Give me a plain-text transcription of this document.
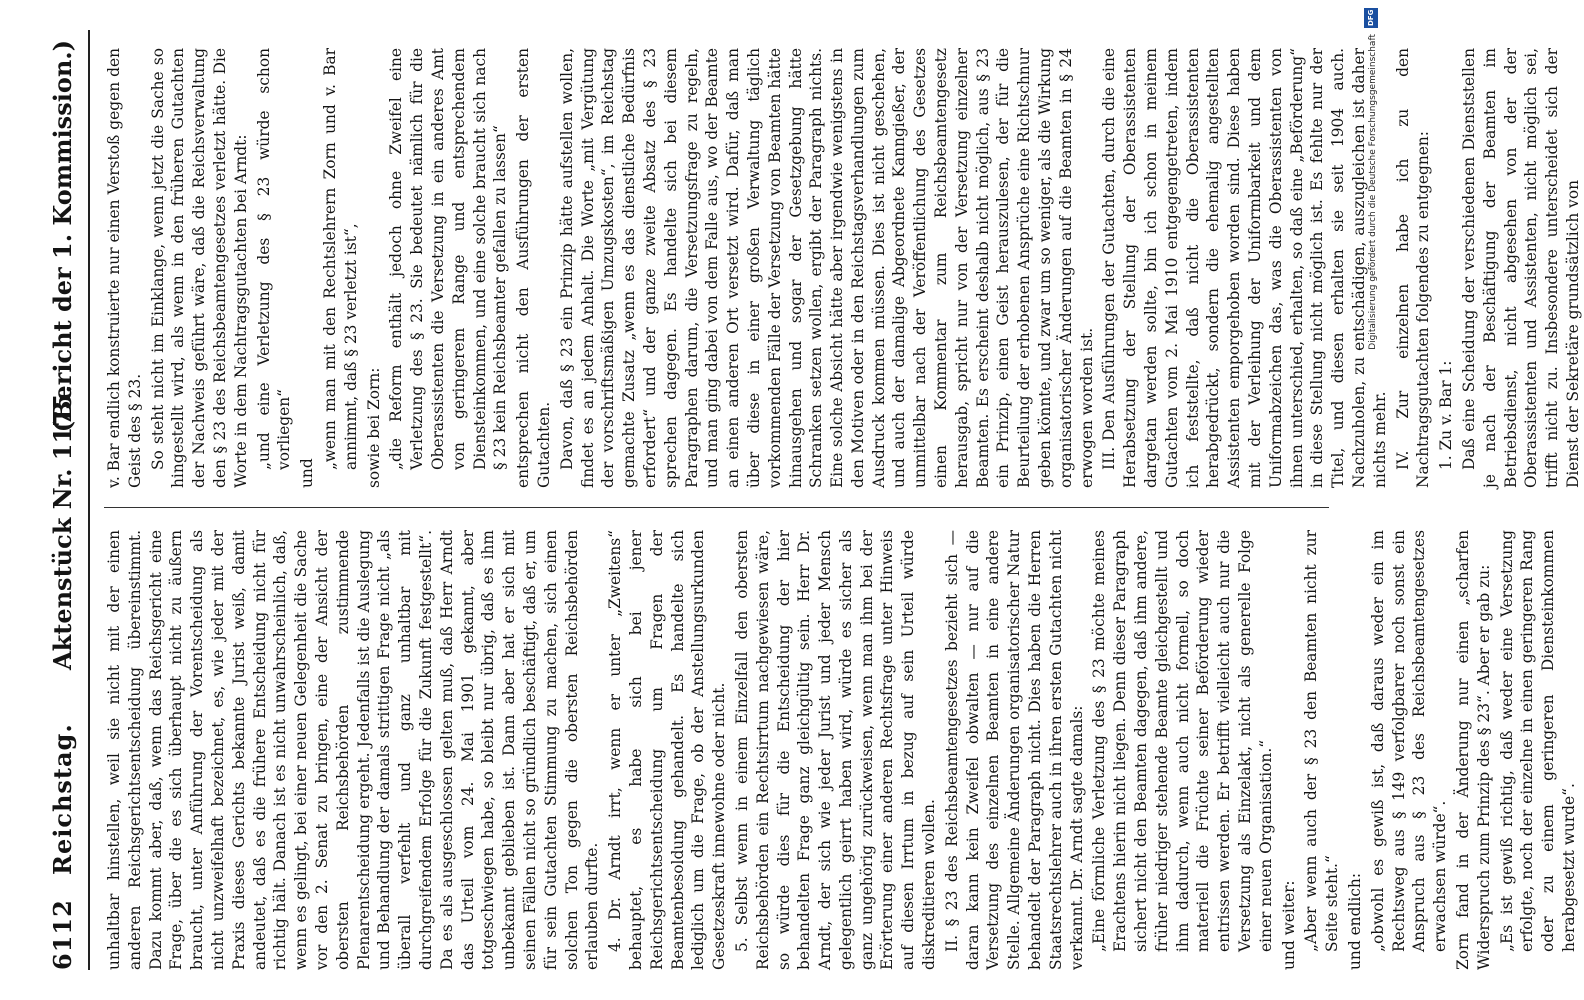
6112
Reichstag.
Aktenstück Nr. 1175.
(Bericht der 1. Kommission.)

unhaltbar hinstellen, weil sie nicht mit der einen anderen Reichsgerichtsentscheidung übereinstimmt. Dazu kommt aber, daß, wenn das Reichsgericht eine Frage, über die es sich überhaupt nicht zu äußern braucht, unter Anführung der Vorentscheidung als nicht unzweifelhaft bezeichnet, es, wie jeder mit der Praxis dieses Gerichts bekannte Jurist weiß, damit andeutet, daß es die frühere Entscheidung nicht für richtig hält. Danach ist es nicht unwahrscheinlich, daß, wenn es gelingt, bei einer neuen Gelegenheit die Sache vor den 2. Senat zu bringen, eine der Ansicht der obersten Reichsbehörden zustimmende Plenarentscheidung ergeht. Jedenfalls ist die Auslegung und Behandlung der damals strittigen Frage nicht „als überall verfehlt und ganz unhaltbar mit durchgreifendem Erfolge für die Zukunft festgestellt“. Da es als ausgeschlossen gelten muß, daß Herr Arndt das Urteil vom 24. Mai 1901 gekannt, aber totgeschwiegen habe, so bleibt nur übrig, daß es ihm unbekannt geblieben ist. Dann aber hat er sich mit seinen Fällen nicht so gründlich beschäftigt, daß er, um für sein Gutachten Stimmung zu machen, sich einen solchen Ton gegen die obersten Reichsbehörden erlauben durfte. 4. Dr. Arndt irrt, wenn er unter „Zweitens“ behauptet, es habe sich bei jener Reichsgerichtsentscheidung um Fragen der Beamtenbesoldung gehandelt. Es handelte sich lediglich um die Frage, ob der Anstellungsurkunden Gesetzeskraft innewohne oder nicht. 5. Selbst wenn in einem Einzelfall den obersten Reichsbehörden ein Rechtsirrtum nachgewiesen wäre, so würde dies für die Entscheidung der hier behandelten Frage ganz gleichgültig sein. Herr Dr. Arndt, der sich wie jeder Jurist und jeder Mensch gelegentlich geirrt haben wird, würde es sicher als ganz ungehörig zurückweisen, wenn man ihm bei der Erörterung einer anderen Rechtsfrage unter Hinweis auf diesen Irrtum in bezug auf sein Urteil würde diskreditieren wollen. II. § 23 des Reichsbeamtengesetzes bezieht sich — daran kann kein Zweifel obwalten — nur auf die Versetzung des einzelnen Beamten in eine andere Stelle. Allgemeine Änderungen organisatorischer Natur behandelt der Paragraph nicht. Dies haben die Herren Staatsrechtslehrer auch in ihren ersten Gutachten nicht verkannt. Dr. Arndt sagte damals: „Eine förmliche Verletzung des § 23 möchte meines Erachtens hierin nicht liegen. Denn dieser Paragraph sichert nicht den Beamten dagegen, daß ihm andere, früher niedriger stehende Beamte gleichgestellt und ihm dadurch, wenn auch nicht formell, so doch materiell die Früchte seiner Beförderung wieder entrissen werden. Er betrifft vielleicht auch nur die Versetzung als Einzelakt, nicht als generelle Folge einer neuen Organisation.“ und weiter: „Aber wenn auch der § 23 den Beamten nicht zur Seite steht.“ und endlich: „obwohl es gewiß ist, daß daraus weder ein im Rechtsweg aus § 149 verfolgbarer noch sonst ein Anspruch aus § 23 des Reichsbeamtengesetzes erwachsen würde“. Zorn fand in der Änderung nur einen „scharfen Widerspruch zum Prinzip des § 23“. Aber er gab zu: „Es ist gewiß richtig, daß weder eine Versetzung erfolgte, noch der einzelne in einen geringeren Rang oder zu einem geringeren Diensteinkommen herabgesetzt wurde“.

v. Bar endlich konstruierte nur einen Verstoß gegen den Geist des § 23. So steht nicht im Einklange, wenn jetzt die Sache so hingestellt wird, als wenn in den früheren Gutachten der Nachweis geführt wäre, daß die Reichsverwaltung den § 23 des Reichsbeamtengesetzes verletzt hätte. Die Worte in dem Nachtragsgutachten bei Arndt: „und eine Verletzung des § 23 würde schon vorliegen“

und

„wenn man mit den Rechtslehrern Zorn und v. Bar annimmt, daß § 23 verletzt ist“, sowie bei Zorn: „die Reform enthält jedoch ohne Zweifel eine Verletzung des § 23. Sie bedeutet nämlich für die Oberassistenten die Versetzung in ein anderes Amt von geringerem Range und entsprechendem Diensteinkommen, und eine solche braucht sich nach § 23 kein Reichsbeamter gefallen zu lassen“ entsprechen nicht den Ausführungen der ersten Gutachten. Davon, daß § 23 ein Prinzip hätte aufstellen wollen, findet es an jedem Anhalt. Die Worte „mit Vergütung der vorschriftsmäßigen Umzugskosten“, im Reichstag gemachte Zusatz „wenn es das dienstliche Bedürfnis erfordert“ und der ganze zweite Absatz des § 23 sprechen dagegen. Es handelte sich bei diesem Paragraphen darum, die Versetzungsfrage zu regeln, und man ging dabei von dem Falle aus, wo der Beamte an einen anderen Ort versetzt wird. Dafür, daß man über diese in einer großen Verwaltung täglich vorkommenden Fälle der Versetzung von Beamten hätte hinausgehen und sogar der Gesetzgebung hätte Schranken setzen wollen, ergibt der Paragraph nichts. Eine solche Absicht hätte aber irgendwie wenigstens in den Motiven oder in den Reichstagsverhandlungen zum Ausdruck kommen müssen. Dies ist nicht geschehen, und auch der damalige Abgeordnete Kanngießer, der unmittelbar nach der Veröffentlichung des Gesetzes einen Kommentar zum Reichsbeamtengesetz herausgab, spricht nur von der Versetzung einzelner Beamten. Es erscheint deshalb nicht möglich, aus § 23 ein Prinzip, einen Geist herauszulesen, der für die Beurteilung der erhobenen Ansprüche eine Richtschnur geben könnte, und zwar um so weniger, als die Wirkung organisatorischer Änderungen auf die Beamten in § 24 erwogen worden ist. III. Den Ausführungen der Gutachten, durch die eine Herabsetzung der Stellung der Oberassistenten dargetan werden sollte, bin ich schon in meinem Gutachten vom 2. Mai 1910 entgegengetreten, indem ich feststellte, daß nicht die Oberassistenten herabgedrückt, sondern die ehemalig angestellten Assistenten emporgehoben worden sind. Diese haben mit der Verleihung der Uniformbarkeit und dem Uniformabzeichen das, was die Oberassistenten von ihnen unterschied, erhalten, so daß eine „Beförderung“ in diese Stellung nicht möglich ist. Es fehlte nur der Titel, und diesen erhalten sie seit 1904 auch. Nachzuholen, zu entschädigen, auszugleichen ist daher nichts mehr. IV. Zur einzelnen habe ich zu den Nachtragsgutachten folgendes zu entgegnen: 1. Zu v. Bar 1: Daß eine Scheidung der verschiedenen Dienststellen je nach der Beschäftigung der Beamten im Betriebsdienst, nicht abgesehen von der der Oberassistenten und Assistenten, nicht möglich sei, trifft nicht zu. Insbesondere unterscheidet sich der Dienst der Sekretäre grundsätzlich von

DFG
Digitalisierung gefördert durch die Deutsche Forschungsgemeinschaft
